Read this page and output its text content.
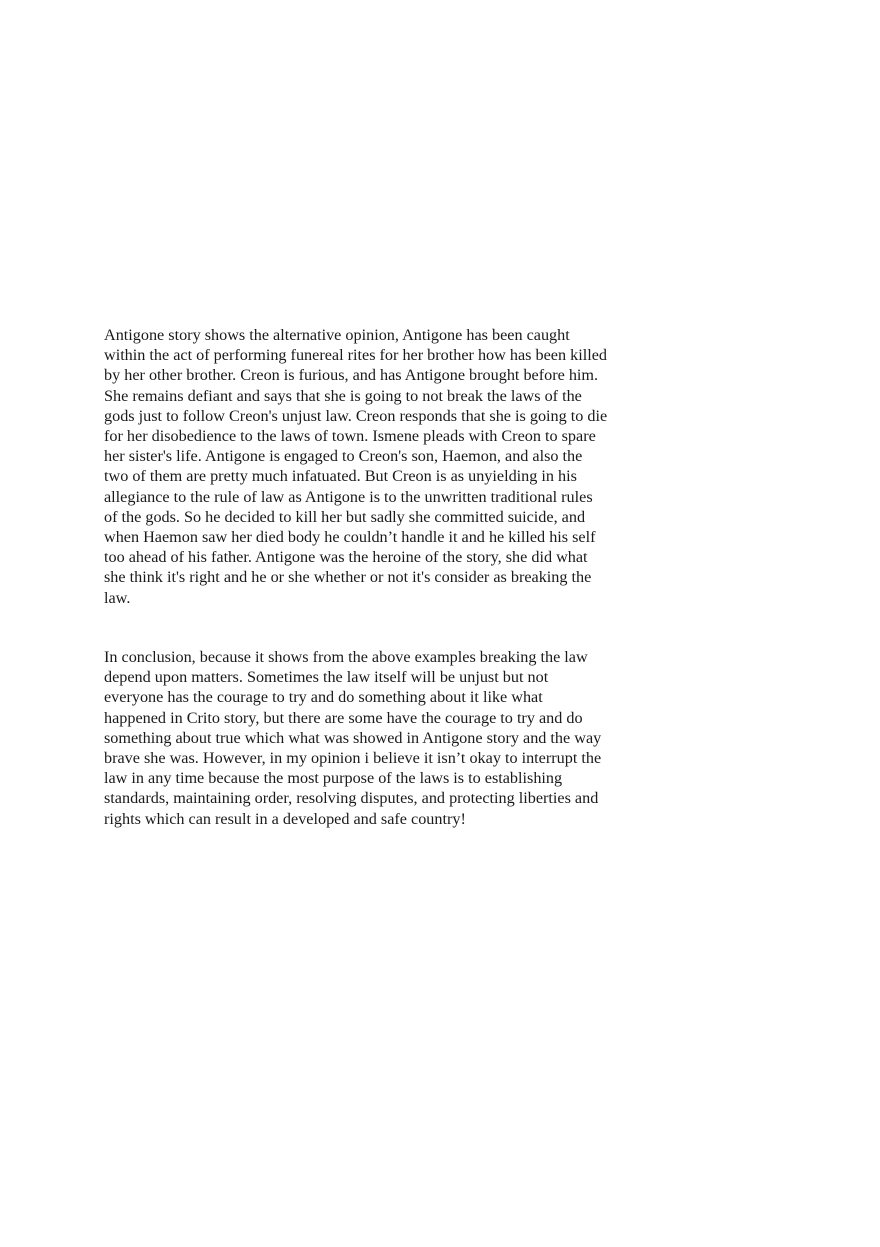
Antigone story shows the alternative opinion, Antigone has been caught
within the act of performing funereal rites for her brother how has been killed
by her other brother. Creon is furious, and has Antigone brought before him.
She remains defiant and says that she is going to not break the laws of the
gods just to follow Creon's unjust law. Creon responds that she is going to die
for her disobedience to the laws of town. Ismene pleads with Creon to spare
her sister's life. Antigone is engaged to Creon's son, Haemon, and also the
two of them are pretty much infatuated. But Creon is as unyielding in his
allegiance to the rule of law as Antigone is to the unwritten traditional rules
of the gods. So he decided to kill her but sadly she committed suicide, and
when Haemon saw her died body he couldn’t handle it and he killed his self
too ahead of his father. Antigone was the heroine of the story, she did what
she think it's right and he or she whether or not it's consider as breaking the
law.

In conclusion, because it shows from the above examples breaking the law
depend upon matters. Sometimes the law itself will be unjust but not
everyone has the courage to try and do something about it like what
happened in Crito story, but there are some have the courage to try and do
something about true which what was showed in Antigone story and the way
brave she was. However, in my opinion i believe it isn’t okay to interrupt the
law in any time because the most purpose of the laws is to establishing
standards, maintaining order, resolving disputes, and protecting liberties and
rights which can result in a developed and safe country!
